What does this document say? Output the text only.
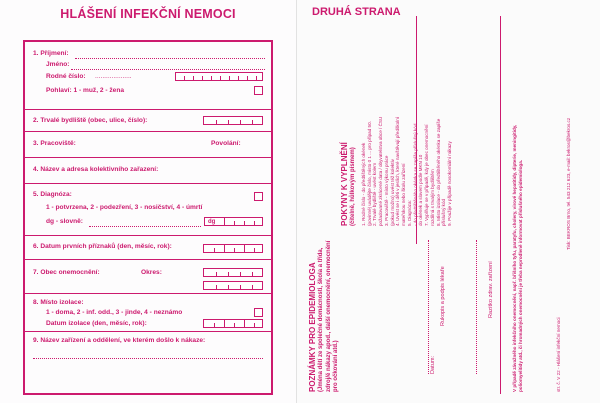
HLÁŠENÍ INFEKČNÍ NEMOCI
1. Příjmení:
Jméno:
Rodné číslo: ....................
Pohlaví: 1 - muž, 2 - žena
2. Trvalé bydliště (obec, ulice, číslo):
3. Pracoviště:	Povolání:
4. Název a adresa kolektivního zařazení:
5. Diagnóza:
1 - potvrzena, 2 - podezření, 3 - nosičství, 4 - úmrtí
dg - slovně:	dg
6. Datum prvních příznaků (den, měsíc, rok):
7. Obec onemocnění:	Okres:
8. Místo izolace:
1 - doma, 2 - inf. odd., 3 - jinde, 4 - neznámo
Datum izolace (den, měsíc, rok):
9. Název zařízení a oddělení, ve kterém došlo k nákaze:
DRUHÁ STRANA
POKYNY K VYPLNĚNÍ (čitelně, hůlkovým písmem)	1. Rodné číslo - do předtištěných okének (povinné) uvádějte číslo, místo 0 1 ... pro případ 50. 2. Trvalé bydliště - uvést kolem požadované zkrácené data / obyvatelstva obce / ČSU 3. Pracoviště - místo výkonu práce (pokud možno) uvést též kolektiv 4. Uvést se i děti v jeslích, které navštěvují předškolní mateřskou nebo školu zařízení 5. Diagnóza: - do předtištěného okénka se zapíše příslušný kód do okének a slovem podle MKN 10 7. Vyplňuje se v případě, kdy je obec onemocnění rozdílná s trvalým bydlištěm 8. Místo izolace - do předtištěného okénka se zapíše příslušný kód 9. Použije v případě nosokomiální nákazy
POZNÁMKY PRO EPIDEMIOLOGA (Jména dětí ze společné domácnosti, škola a třída, zdroj/ě nákazy apod., další onemocnění, onemocnění pro očkování atd.)	Datum:
Rukopis a podpis lékaře	Razítko zdrav. zařízení	V případě závažného infekčního onemocnění, např. břišního tyfu, paratyfu, cholery, virové hepatitidy, dipterie, meningitidy, poliomyelitidy atd., či hromadných onemocnění je třeba neprodleně informovat příslušného epidemiologa.	str. č. V 22 - Hlášení infekční nemoci
Tisk: BEKROS Brno, tel. 543 212 623, e-mail: bekros@bekros.cz
